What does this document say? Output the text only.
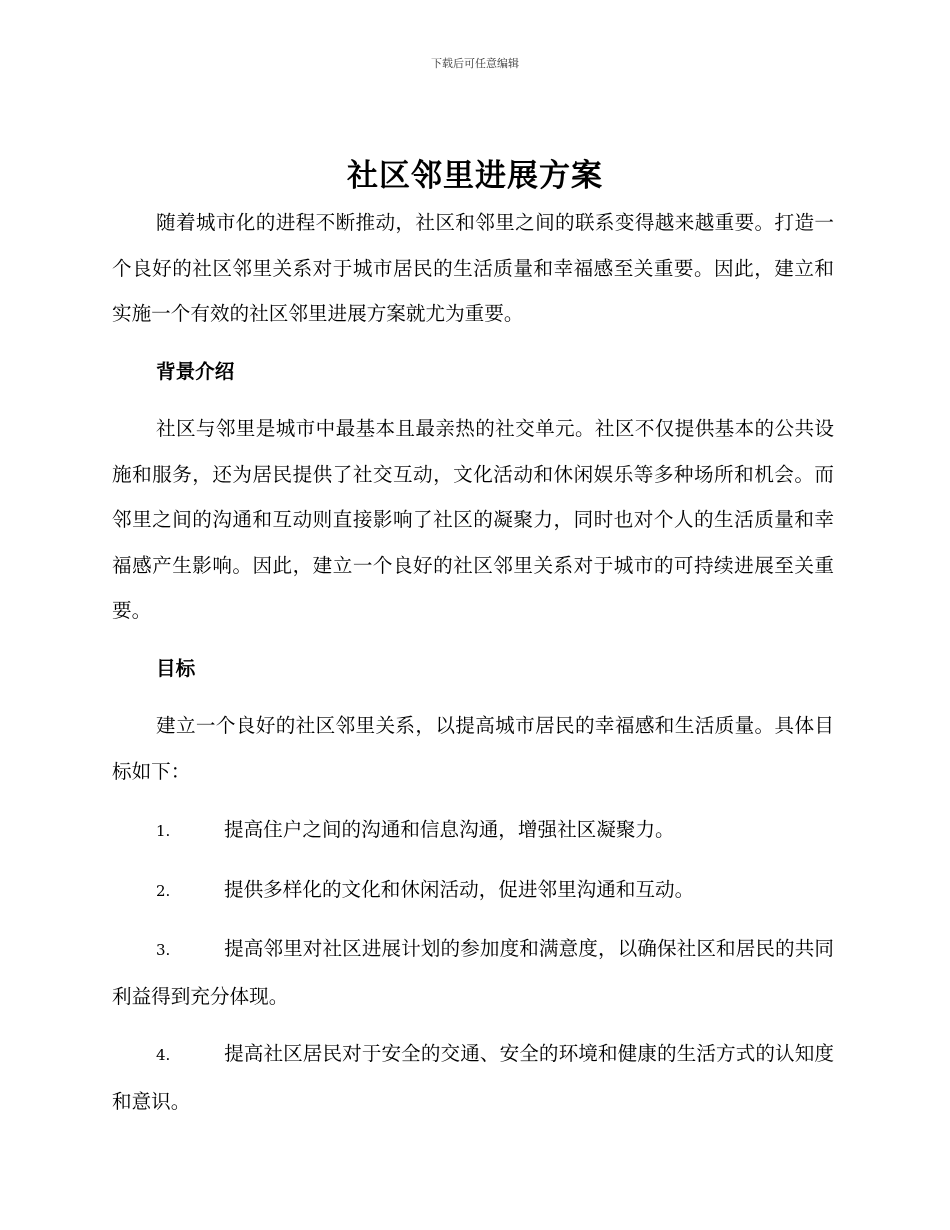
下载后可任意编辑
社区邻里进展方案

随着城市化的进程不断推动，社区和邻里之间的联系变得越来越重要。打造一个良好的社区邻里关系对于城市居民的生活质量和幸福感至关重要。因此，建立和实施一个有效的社区邻里进展方案就尤为重要。

背景介绍

社区与邻里是城市中最基本且最亲热的社交单元。社区不仅提供基本的公共设施和服务，还为居民提供了社交互动，文化活动和休闲娱乐等多种场所和机会。而邻里之间的沟通和互动则直接影响了社区的凝聚力，同时也对个人的生活质量和幸福感产生影响。因此，建立一个良好的社区邻里关系对于城市的可持续进展至关重要。

目标

建立一个良好的社区邻里关系，以提高城市居民的幸福感和生活质量。具体目标如下：

1.	提高住户之间的沟通和信息沟通，增强社区凝聚力。

2.	提供多样化的文化和休闲活动，促进邻里沟通和互动。

3.	提高邻里对社区进展计划的参加度和满意度，以确保社区和居民的共同利益得到充分体现。

4.	提高社区居民对于安全的交通、安全的环境和健康的生活方式的认知度和意识。
